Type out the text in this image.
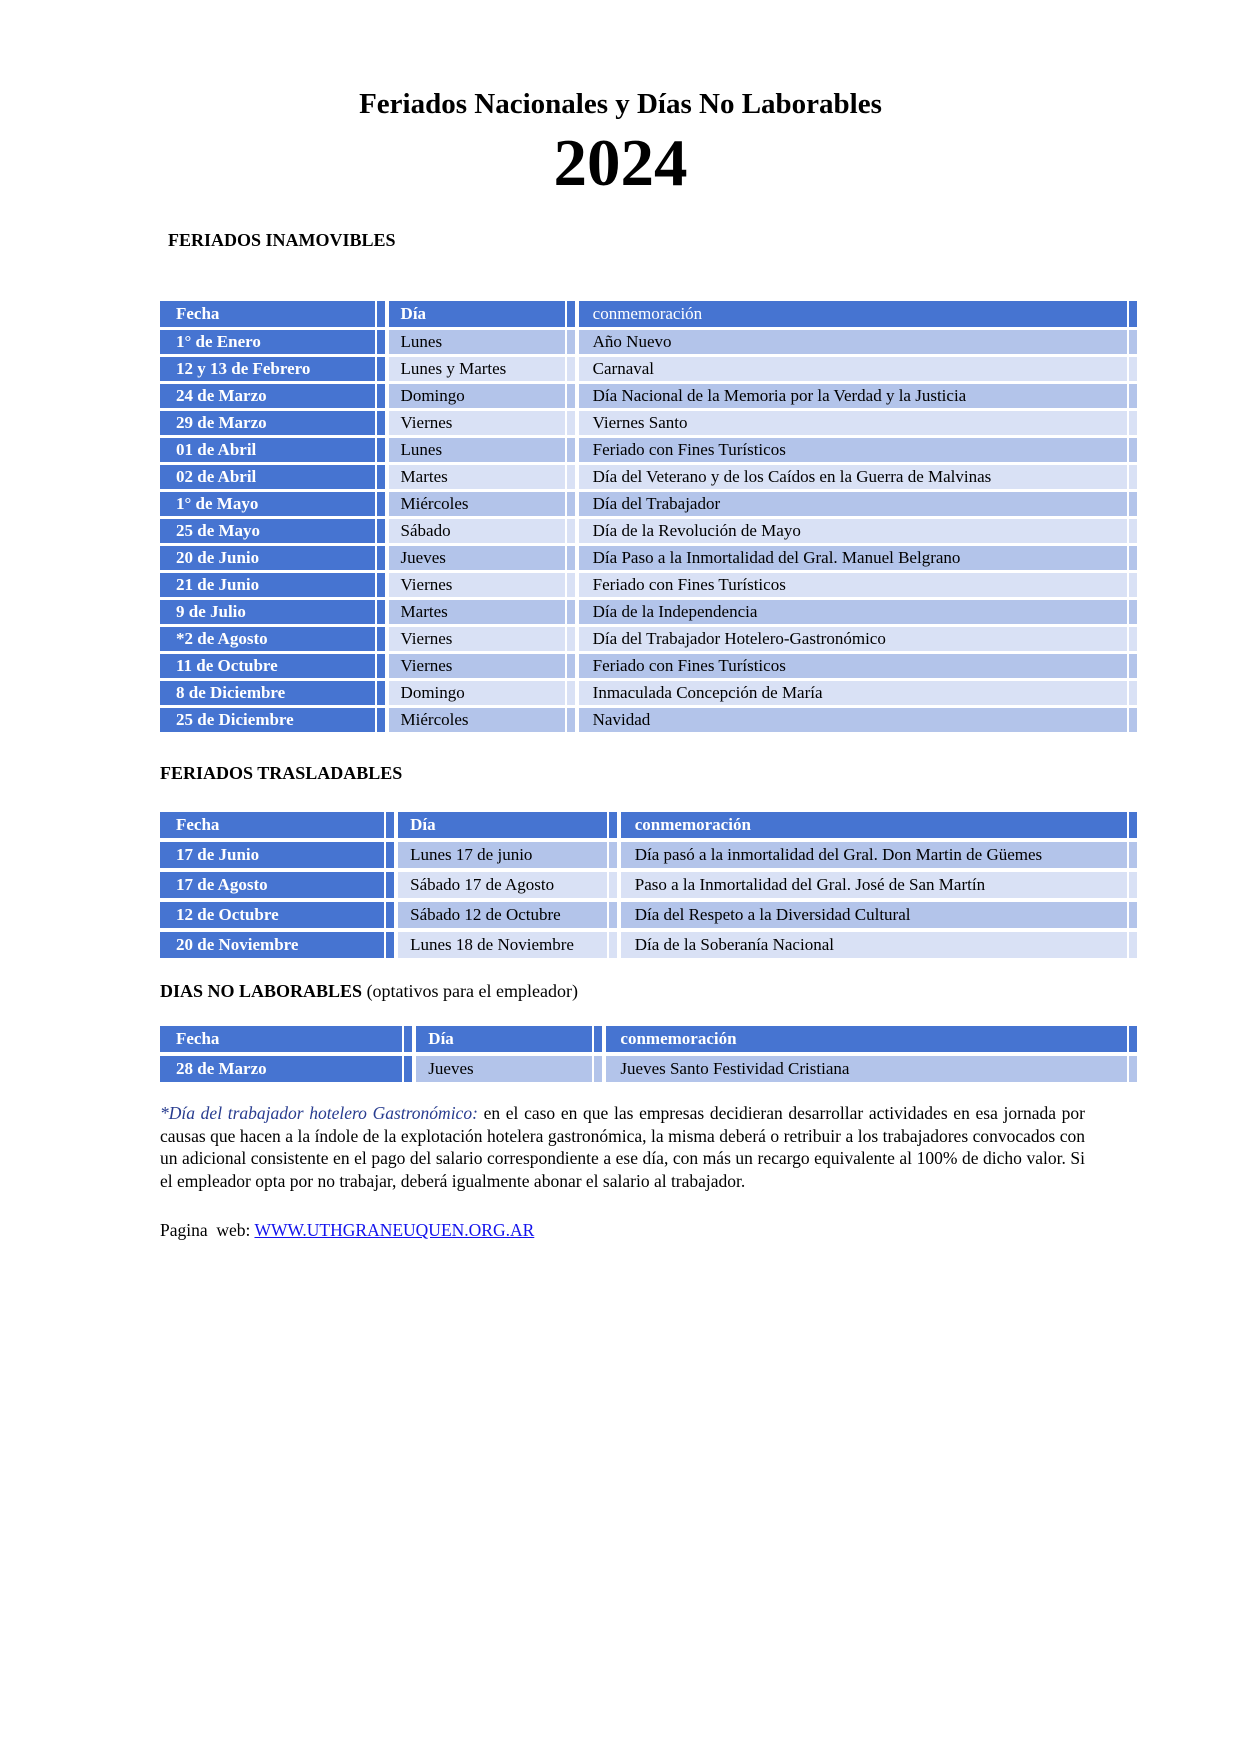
Feriados Nacionales y Días No Laborables
2024
FERIADOS INAMOVIBLES
Fecha	Día	conmemoración
1° de Enero	Lunes	Año Nuevo
12 y 13 de Febrero	Lunes y Martes	Carnaval
24 de Marzo	Domingo	Día Nacional de la Memoria por la Verdad y la Justicia
29 de Marzo	Viernes	Viernes Santo
01 de Abril	Lunes	Feriado con Fines Turísticos
02 de Abril	Martes	Día del Veterano y de los Caídos en la Guerra de Malvinas
1° de Mayo	Miércoles	Día del Trabajador
25 de Mayo	Sábado	Día de la Revolución de Mayo
20 de Junio	Jueves	Día Paso a la Inmortalidad del Gral. Manuel Belgrano
21 de Junio	Viernes	Feriado con Fines Turísticos
9 de Julio	Martes	Día de la Independencia
*2 de Agosto	Viernes	Día del Trabajador Hotelero-Gastronómico
11 de Octubre	Viernes	Feriado con Fines Turísticos
8 de Diciembre	Domingo	Inmaculada Concepción de María
25 de Diciembre	Miércoles	Navidad
FERIADOS TRASLADABLES
Fecha	Día	conmemoración
17 de Junio	Lunes 17 de junio	Día pasó a la inmortalidad del Gral. Don Martin de Güemes
17 de Agosto	Sábado 17 de Agosto	Paso a la Inmortalidad del Gral. José de San Martín
12 de Octubre	Sábado 12 de Octubre	Día del Respeto a la Diversidad Cultural
20 de Noviembre	Lunes 18 de Noviembre	Día de la Soberanía Nacional
DIAS NO LABORABLES (optativos para el empleador)
Fecha	Día	conmemoración
28 de Marzo	Jueves	Jueves Santo Festividad Cristiana

*Día del trabajador hotelero Gastronómico: en el caso en que las empresas decidieran desarrollar actividades en esa jornada por causas que hacen a la índole de la explotación hotelera gastronómica, la misma deberá o retribuir a los trabajadores convocados con un adicional consistente en el pago del salario correspondiente a ese día, con más un recargo equivalente al 100% de dicho valor. Si el empleador opta por no trabajar, deberá igualmente abonar el salario al trabajador.

Pagina  web: WWW.UTHGRANEUQUEN.ORG.AR
